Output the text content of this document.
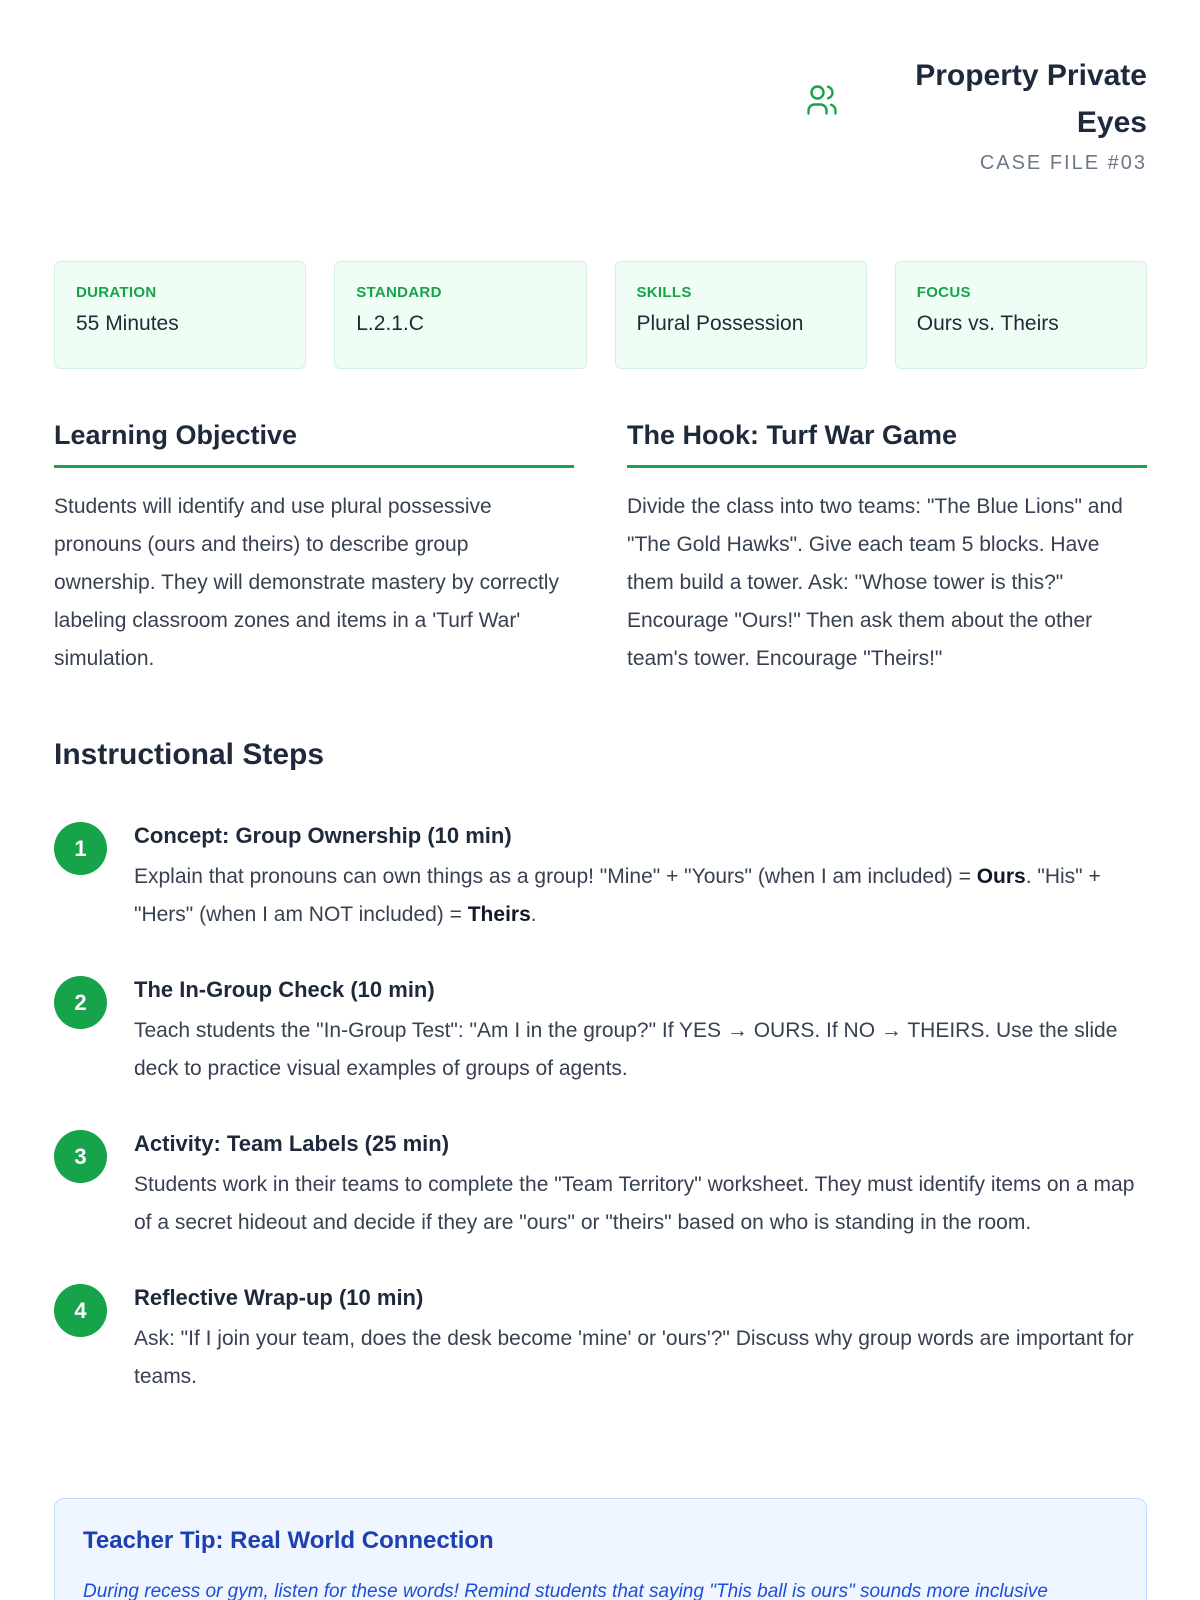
Property Private
Eyes
CASE FILE #03
DURATION
55 Minutes
STANDARD
L.2.1.C
SKILLS
Plural Possession
FOCUS
Ours vs. Theirs
Learning Objective

Students will identify and use plural possessive pronouns (ours and theirs) to describe group ownership. They will demonstrate mastery by correctly labeling classroom zones and items in a 'Turf War' simulation.

The Hook: Turf War Game

Divide the class into two teams: "The Blue Lions" and "The Gold Hawks". Give each team 5 blocks. Have them build a tower. Ask: "Whose tower is this?" Encourage "Ours!" Then ask them about the other team's tower. Encourage "Theirs!"

Instructional Steps
1	Concept: Group Ownership (10 min)
Explain that pronouns can own things as a group! "Mine" + "Yours" (when I am included) = Ours. "His" + "Hers" (when I am NOT included) = Theirs.
2	The In-Group Check (10 min)
Teach students the "In-Group Test": "Am I in the group?" If YES → OURS. If NO → THEIRS. Use the slide deck to practice visual examples of groups of agents.
3	Activity: Team Labels (25 min)
Students work in their teams to complete the "Team Territory" worksheet. They must identify items on a map of a secret hideout and decide if they are "ours" or "theirs" based on who is standing in the room.
4	Reflective Wrap-up (10 min)
Ask: "If I join your team, does the desk become 'mine' or 'ours'?" Discuss why group words are important for teams.
Teacher Tip: Real World Connection
During recess or gym, listen for these words! Remind students that saying "This ball is ours" sounds more inclusive
